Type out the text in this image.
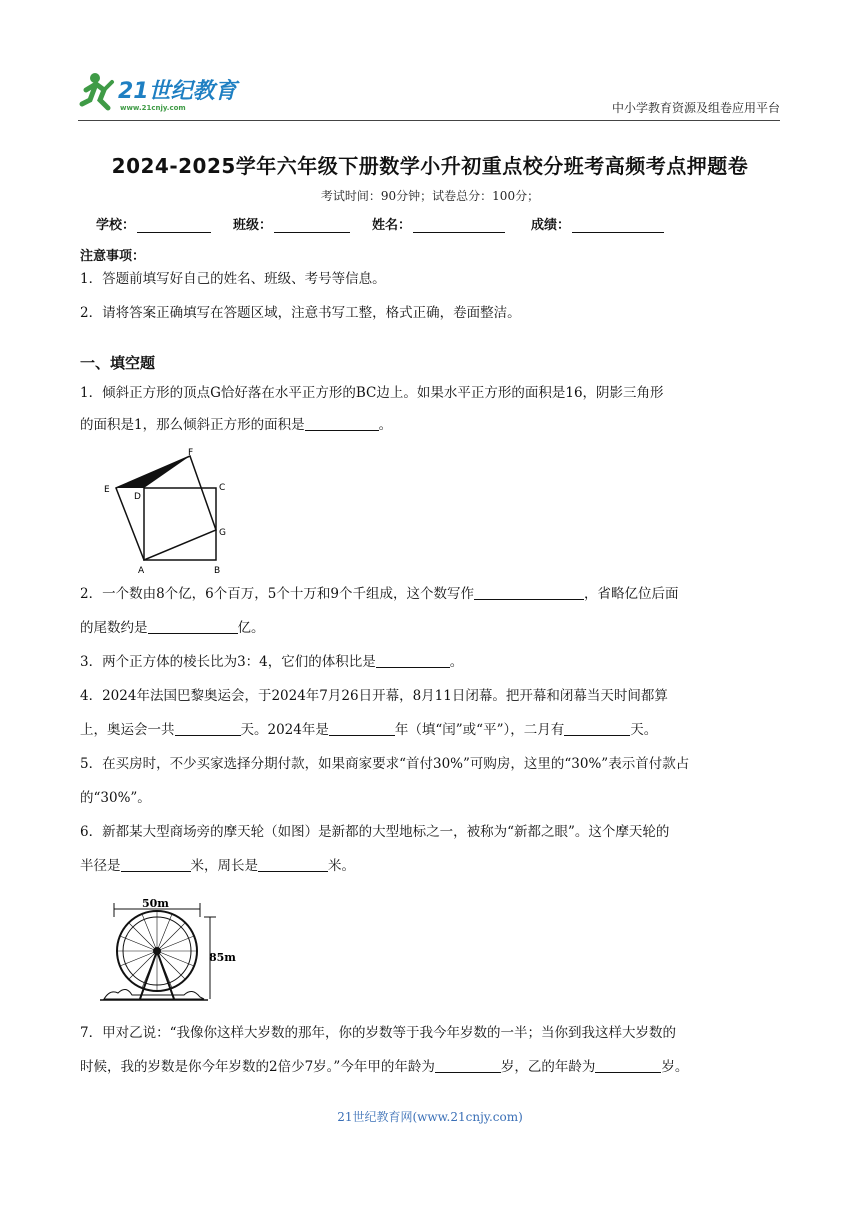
21世纪教育
www.21cnjy.com	中小学教育资源及组卷应用平台
2024-2025学年六年级下册数学小升初重点校分班考高频考点押题卷
考试时间：90分钟；试卷总分：100分；
学校：	班级：	姓名：	成绩：
注意事项：
1．答题前填写好自己的姓名、班级、考号等信息。
2．请将答案正确填写在答题区域，注意书写工整，格式正确，卷面整洁。
一、填空题
1．倾斜正方形的顶点G恰好落在水平正方形的BC边上。如果水平正方形的面积是16，阴影三角形
的面积是1，那么倾斜正方形的面积是	。
E
D
F
C
G
A	B
2．一个数由8个亿，6个百万，5个十万和9个千组成，这个数写作	，省略亿位后面
的尾数约是	亿。
3．两个正方体的棱长比为3：4，它们的体积比是	。
4．2024年法国巴黎奥运会，于2024年7月26日开幕，8月11日闭幕。把开幕和闭幕当天时间都算
上，奥运会一共	天。2024年是	年（填“闰”或“平”），二月有	天。
5．在买房时，不少买家选择分期付款，如果商家要求“首付30%”可购房，这里的“30%”表示首付款占
的“30%”。
6．新都某大型商场旁的摩天轮（如图）是新都的大型地标之一，被称为“新都之眼”。这个摩天轮的
半径是	米，周长是	米。
50m
85m
7．甲对乙说：“我像你这样大岁数的那年，你的岁数等于我今年岁数的一半；当你到我这样大岁数的
时候，我的岁数是你今年岁数的2倍少7岁。”今年甲的年龄为	岁，乙的年龄为	岁。
21世纪教育网(www.21cnjy.com)
